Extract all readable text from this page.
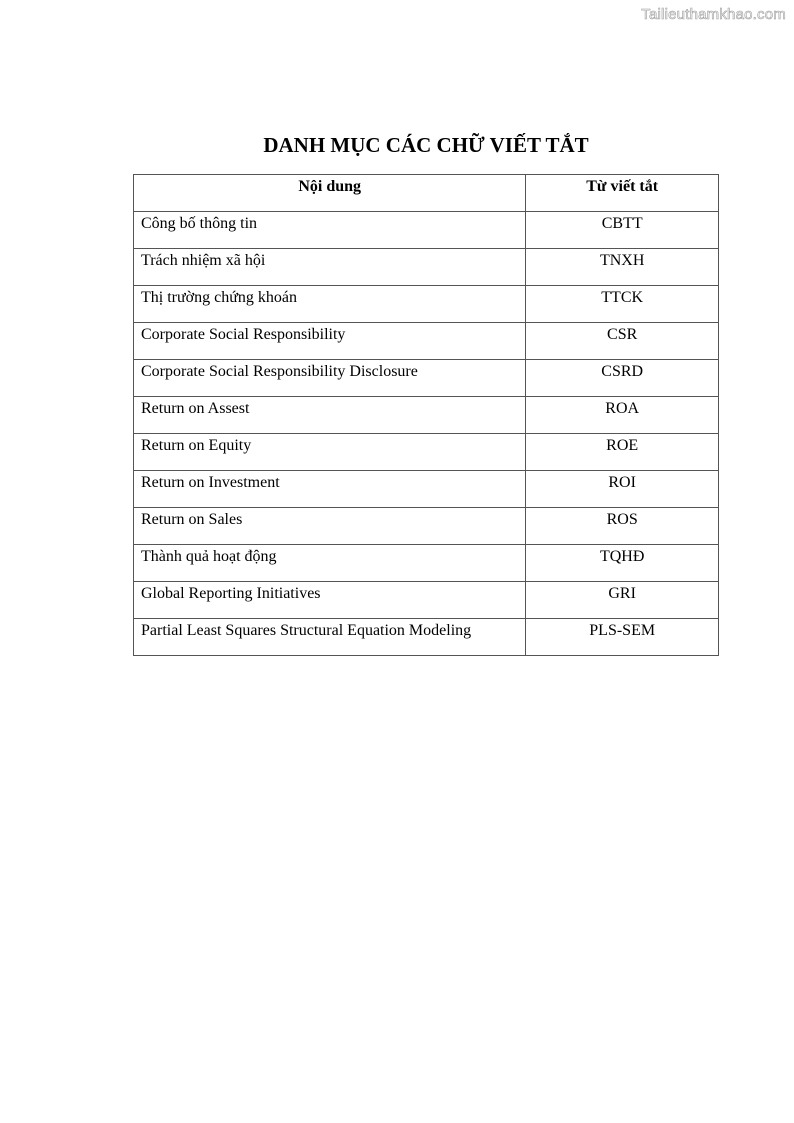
Tailieuthamkhao.com
DANH MỤC CÁC CHỮ VIẾT TẮT
Nội dung	Từ viết tắt
Công bố thông tin	CBTT
Trách nhiệm xã hội	TNXH
Thị trường chứng khoán	TTCK
Corporate Social Responsibility	CSR
Corporate Social Responsibility Disclosure	CSRD
Return on Assest	ROA
Return on Equity	ROE
Return on Investment	ROI
Return on Sales	ROS
Thành quả hoạt động	TQHĐ
Global Reporting Initiatives	GRI
Partial Least Squares Structural Equation Modeling	PLS-SEM
